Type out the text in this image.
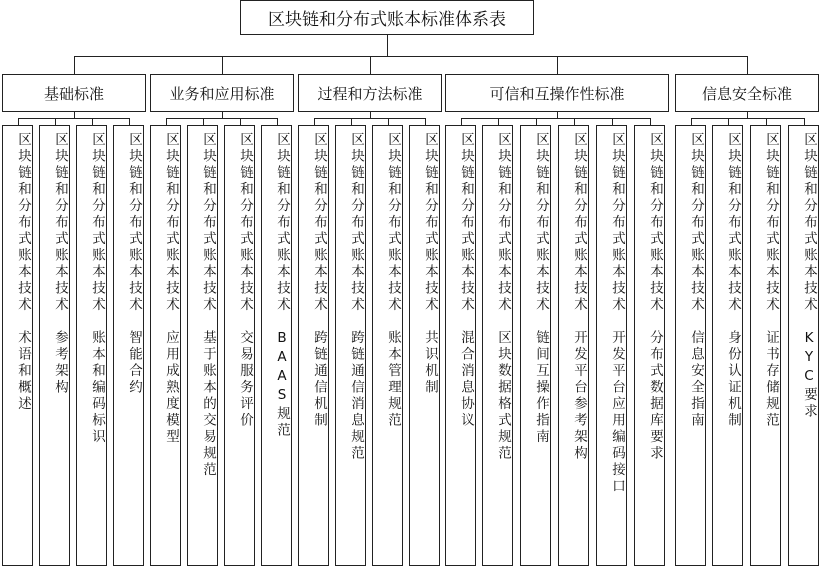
区块链和分布式账本标准体系表
基础标准
区块链和分布式账本技术　术语和概述	区块链和分布式账本技术　参考架构	区块链和分布式账本技术　账本和编码标识	区块链和分布式账本技术　智能合约
业务和应用标准
区块链和分布式账本技术　应用成熟度模型	区块链和分布式账本技术　基于账本的交易规范	区块链和分布式账本技术　交易服务评价	区块链和分布式账本技术　BAAS规范
过程和方法标准
区块链和分布式账本技术　跨链通信机制	区块链和分布式账本技术　跨链通信消息规范	区块链和分布式账本技术　账本管理规范	区块链和分布式账本技术　共识机制
可信和互操作性标准
区块链和分布式账本技术　混合消息协议	区块链和分布式账本技术　区块数据格式规范	区块链和分布式账本技术　链间互操作指南	区块链和分布式账本技术　开发平台参考架构	区块链和分布式账本技术　开发平台应用编码接口	区块链和分布式账本技术　分布式数据库要求
信息安全标准
区块链和分布式账本技术　信息安全指南	区块链和分布式账本技术　身份认证机制	区块链和分布式账本技术　证书存储规范	区块链和分布式账本技术　KYC要求
